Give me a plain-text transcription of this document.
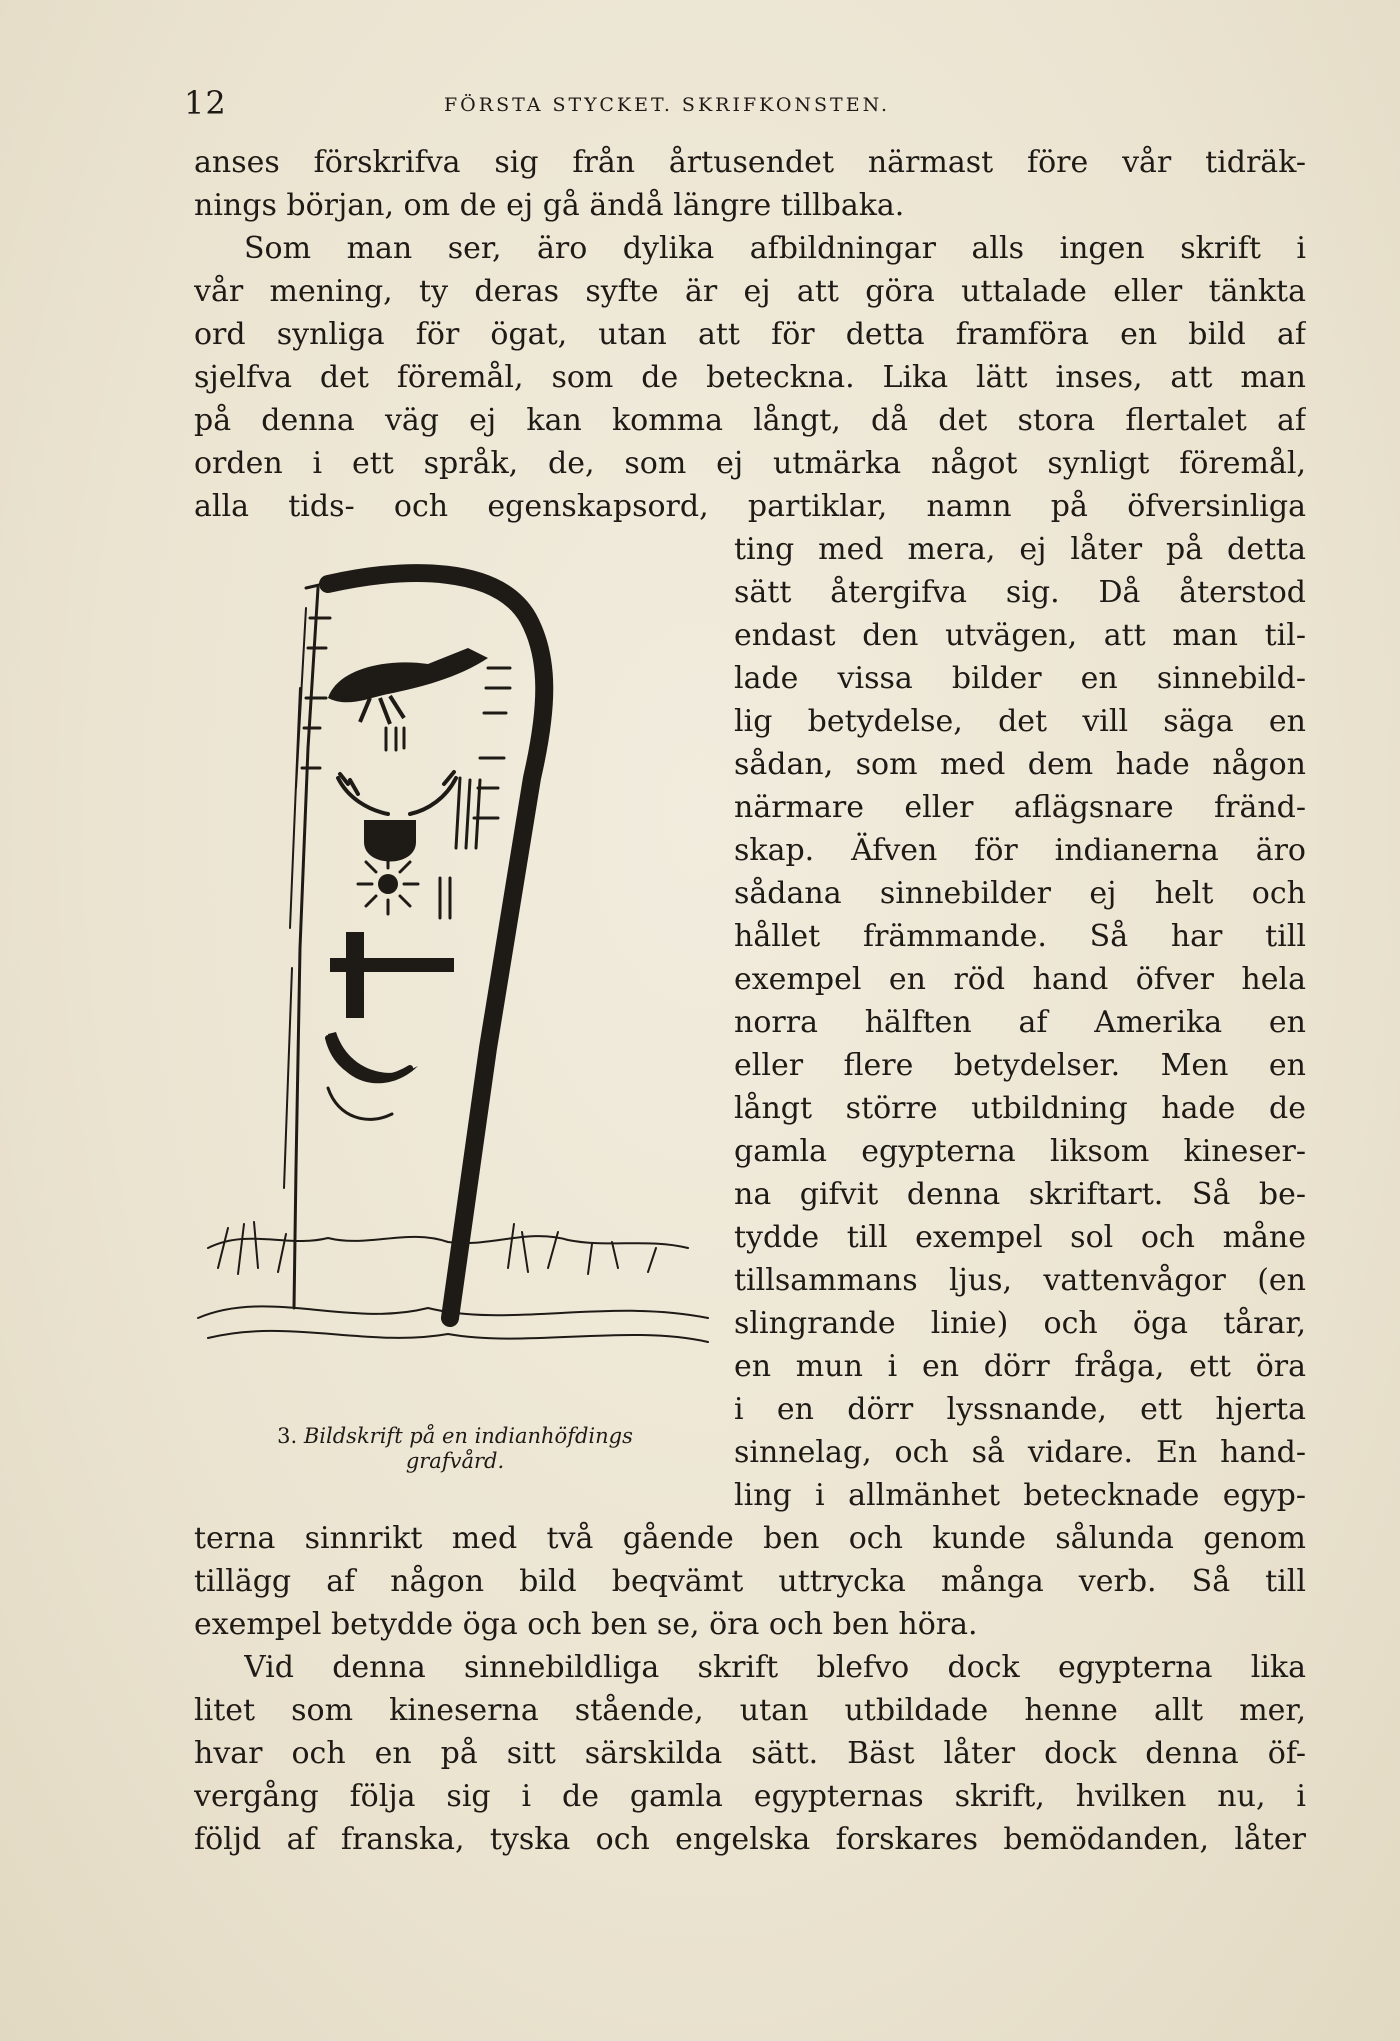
12	FÖRSTA STYCKET. SKRIFKONSTEN.
anses förskrifva sig från årtusendet närmast före vår tidräk-
nings början, om de ej gå ändå längre tillbaka.
Som man ser, äro dylika afbildningar alls ingen skrift i
vår mening, ty deras syfte är ej att göra uttalade eller tänkta
ord synliga för ögat, utan att för detta framföra en bild af
sjelfva det föremål, som de beteckna. Lika lätt inses, att man
på denna väg ej kan komma långt, då det stora flertalet af
orden i ett språk, de, som ej utmärka något synligt föremål,
alla tids- och egenskapsord, partiklar, namn på öfversinliga
ting med mera, ej låter på detta
sätt återgifva sig. Då återstod
endast den utvägen, att man til-
lade vissa bilder en sinnebild-
lig betydelse, det vill säga en
sådan, som med dem hade någon
närmare eller aflägsnare fränd-
skap. Äfven för indianerna äro
sådana sinnebilder ej helt och
hållet främmande. Så har till
exempel en röd hand öfver hela
norra hälften af Amerika en
eller flere betydelser. Men en
långt större utbildning hade de
gamla egypterna liksom kineser-
na gifvit denna skriftart. Så be-
tydde till exempel sol och måne
tillsammans ljus, vattenvågor (en
slingrande linie) och öga tårar,
en mun i en dörr fråga, ett öra
i en dörr lyssnande, ett hjerta
sinnelag, och så vidare. En hand-
ling i allmänhet betecknade egyp-
terna sinnrikt med två gående ben och kunde sålunda genom
tillägg af någon bild beqvämt uttrycka många verb. Så till
exempel betydde öga och ben se, öra och ben höra.
Vid denna sinnebildliga skrift blefvo dock egypterna lika
litet som kineserna stående, utan utbildade henne allt mer,
hvar och en på sitt särskilda sätt. Bäst låter dock denna öf-
vergång följa sig i de gamla egypternas skrift, hvilken nu, i
följd af franska, tyska och engelska forskares bemödanden, låter
3. Bildskrift på en indianhöfdings
grafvård.
